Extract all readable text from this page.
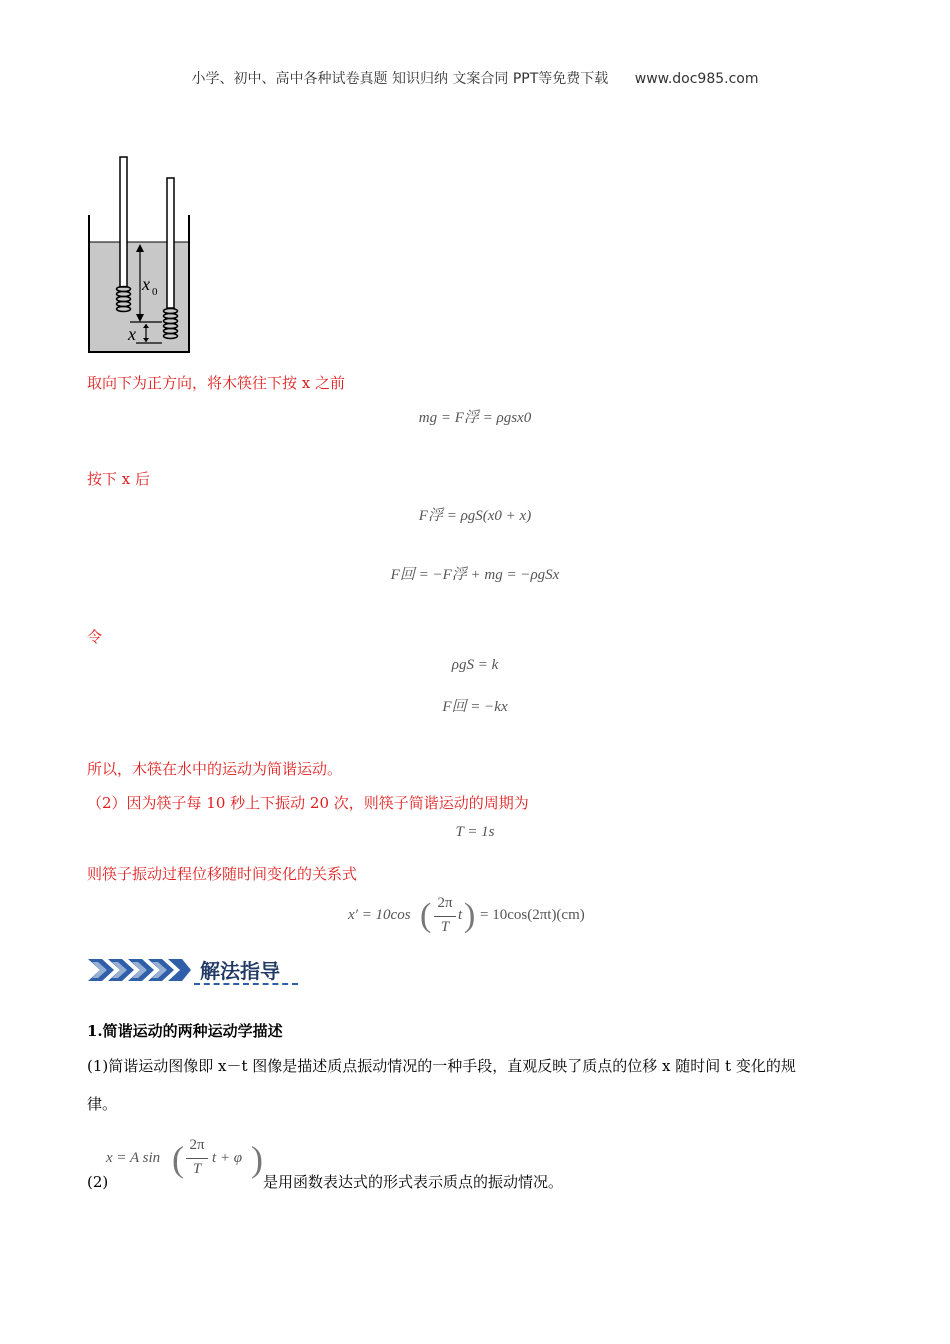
小学、初中、高中各种试卷真题 知识归纳 文案合同 PPT等免费下载 www.doc985.com
x 0
x
取向下为正方向，将木筷往下按 x 之前
mg = F浮 = ρgsx0
按下 x 后
F浮 = ρgS(x0 + x)
F回 = −F浮 + mg = −ρgSx
令
ρgS = k
F回 = −kx
所以，木筷在水中的运动为简谐运动。
（2）因为筷子每 10 秒上下振动 20 次，则筷子简谐运动的周期为
T = 1s
则筷子振动过程位移随时间变化的关系式
x′ = 10cos ( 2π
T
t ) = 10cos(2πt)(cm)
解法指导
1.简谐运动的两种运动学描述
(1)简谐运动图像即 x－t 图像是描述质点振动情况的一种手段，直观反映了质点的位移 x 随时间 t 变化的规
律。
(2)
x = A sin ( 2π
T
t + φ )
是用函数表达式的形式表示质点的振动情况。
